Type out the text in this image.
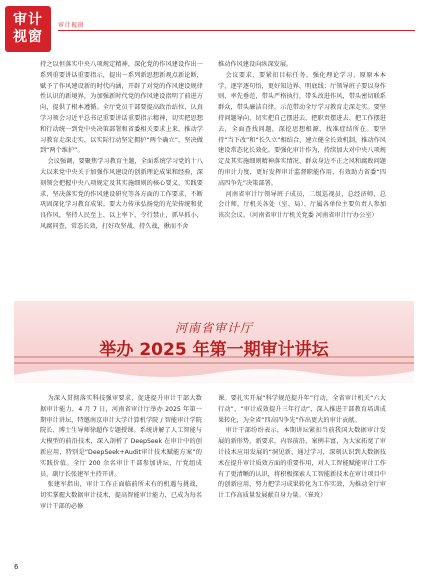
审计
视窗
审计视窗

持之以恒落实中央八项规定精神，深化党的作风建设作出一系列重要讲话重要指示，提出一系列新思想新观点新论断，赋予了作风建设新的时代内涵，开辟了对党的作风建设规律性认识的新境界，为加强新时代党的作风建设指明了前进方向，提供了根本遵循。全厅党员干部要提高政治站位，认真学习领会习近平总书记重要讲话重要指示精神，切实把思想和行动统一到党中央决策部署和省委相关要求上来，推动学习教育走深走实，以实际行动坚定拥护“两个确立”，坚决做到“两个维护”。

会议强调，要聚焦学习教育主题，全面系统学习党的十八大以来党中央关于加强作风建设的创新理论成果和经验，深刻领会把握中央八项规定及其实施细则的核心要义、实践要求，坚决落实党的作风建设研究等各方面的工作要求，不断巩固深化学习教育成果。要大力传承弘扬党的光荣传统和优良作风，坚持人民至上、以上率下，令行禁止，抓早抓小，风腐同查，常态长效，打好攻坚战、持久战，揪而不舍

推动作风建设向纵深发展。

会议要求，要紧扣目标任务，强化理论学习、原原本本学，逐字逐句悟，更好知边界、明底线；厅领导班子要以身作则、率先垂范，带头严格执行，带头改进作风，带头密切联系群众，带头廉洁自律，示范带动全厅学习教育走深走实。要坚持问题导向，切实把自己摆进去、把职责摆进去、把工作摆进去，全面查找问题，深挖思想根源，找准症结所在。要坚持“当下改”和“长久立”相结合，建立健全长效机制，推动作风建设常态化长效化。要强化审计作为，持续加大对中央八项规定及其实施细则精神落实情况、群众身边不正之风和腐败问题的审计力度，更好发挥审计监督职能作用，有效助力省委“四高四争先”决策部署。

河南省审计厅领导班子成员，二级巡视员，总经济师，总会计师，厅机关各处（室、局）、厅属各单位主要负责人参加该次会议。（河南省审计厅机关党委 河南省审计厅办公室）

河南省审计厅
举办 2025 年第一期审计讲坛

为深入贯彻落实科技强审要求，促进提升审计干部大数据审计能力，4 月 7 日，河南省审计厅举办 2025 年第一期审计讲坛，特邀南京审计大学计算机学院 / 智能审计学院院长、博士生导师徐超作专题授课。系统讲解了人工智能与大模型的前沿技术，深入剖析了 DeepSeek 在审计中的创新应用，特别是“DeepSeek+Audit审计技术赋能方案”的实践价值。全厅 200 余名审计干部参加讲坛，厅党组成员、副厅长张建军主持开讲。

张建军指出，审计工作正面临前所未有的机遇与挑战，切实掌握大数据审计技术，提高智能审计能力，已成为每名审计干部的必修

课。要扎实开展“科学规范提升年”行动，全省审计机关“六大行动”、“审计成效提升三年行动”，深入推进干部教育培训成果转化，为全省“四高四争先”作出更大的审计贡献。

审计干部纷纷表示，本期讲坛紧扣当前我国大数据审计发展的新形势，新要求，内容前沿，案例丰富，为大家拓宽了审计技术应用发展的“洞见新，通过学习，深刻认识到大数据技术在提升审计质效方面的重要作用，对人工智能赋能审计工作有了更清晰的认识，将积极探索人工智能新技术在审计项目中的创新应用，努力把学习成果转化为工作实效，为推动全厅审计工作高质量发展献自身力量。（崔玫）

6
